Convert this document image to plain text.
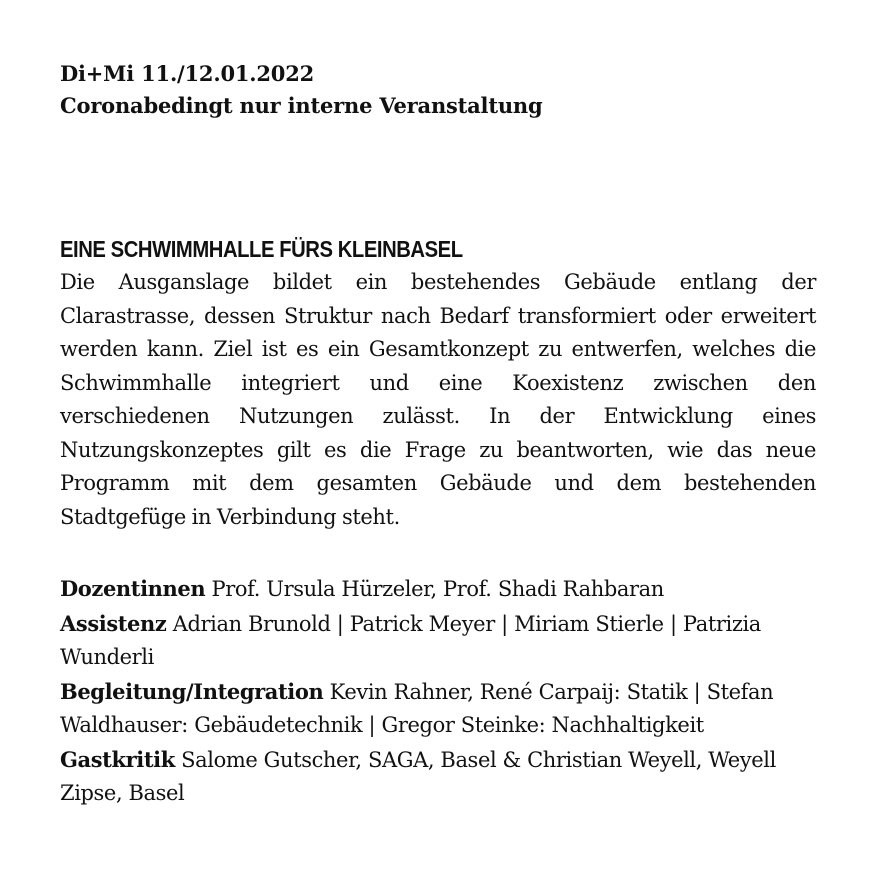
Di+Mi 11./12.01.2022
Coronabedingt nur interne Veranstaltung
EINE SCHWIMMHALLE FÜRS KLEINBASEL

Die Ausganslage bildet ein bestehendes Gebäude entlang der Clarastrasse, dessen Struktur nach Bedarf transformiert oder erweitert werden kann. Ziel ist es ein Gesamtkonzept zu entwerfen, welches die Schwimmhalle integriert und eine Koexistenz zwischen den verschiedenen Nutzungen zulässt. In der Entwicklung eines Nutzungskonzeptes gilt es die Frage zu beantworten, wie das neue Programm mit dem gesamten Gebäude und dem bestehenden Stadtgefüge in Verbindung steht.

Dozentinnen Prof. Ursula Hürzeler, Prof. Shadi Rahbaran

Assistenz Adrian Brunold | Patrick Meyer | Miriam Stierle | Patrizia Wunderli

Begleitung/Integration Kevin Rahner, René Carpaij: Statik | Stefan Waldhauser: Gebäudetechnik | Gregor Steinke: Nachhaltigkeit

Gastkritik Salome Gutscher, SAGA, Basel & Christian Weyell, Weyell Zipse, Basel
